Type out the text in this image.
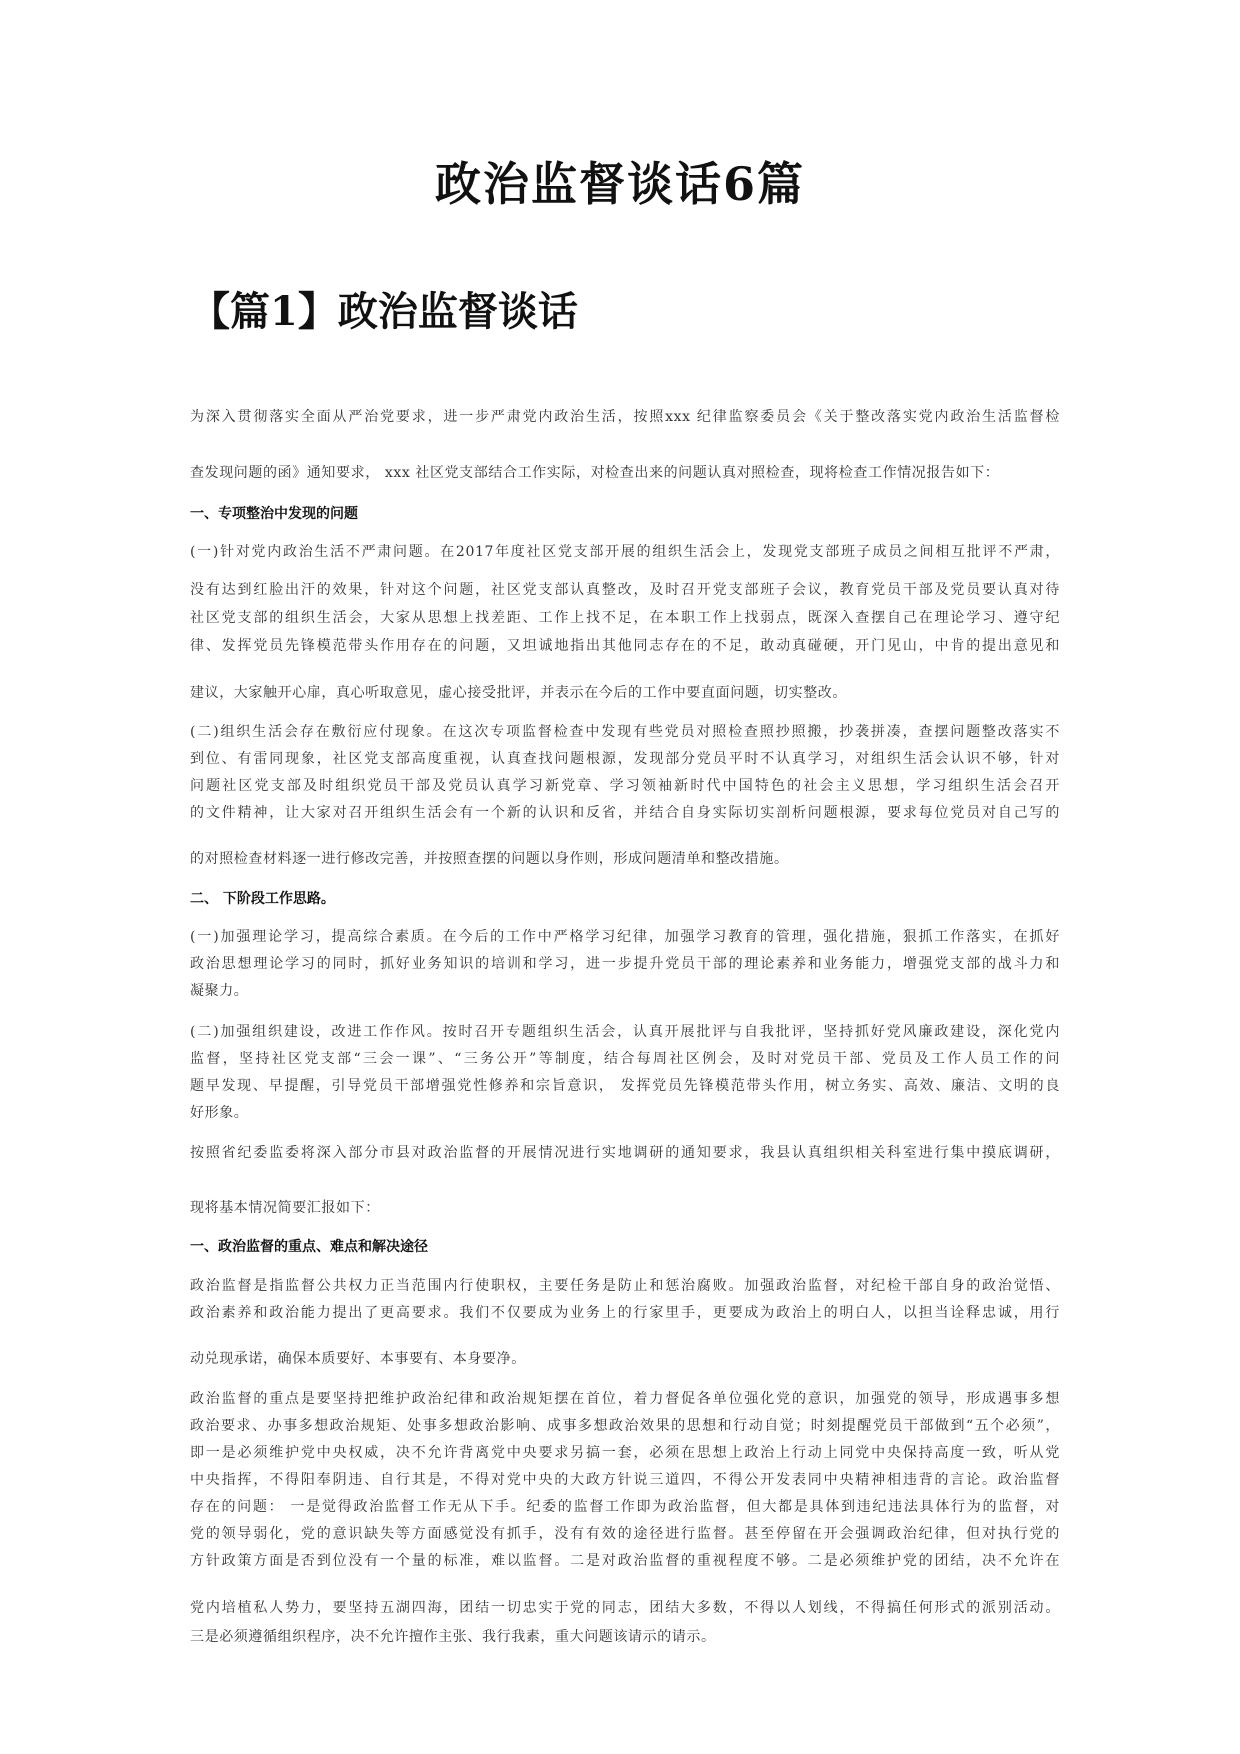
政治监督谈话6篇
【篇1】政治监督谈话

为深入贯彻落实全面从严治党要求，进一步严肃党内政治生活，按照xxx 纪律监察委员会《关于整改落实党内政治生活监督检

查发现问题的函》通知要求， xxx 社区党支部结合工作实际，对检查出来的问题认真对照检查，现将检查工作情况报告如下：

一、专项整治中发现的问题

(一)针对党内政治生活不严肃问题。在2017年度社区党支部开展的组织生活会上，发现党支部班子成员之间相互批评不严肃，

没有达到红脸出汗的效果，针对这个问题，社区党支部认真整改，及时召开党支部班子会议，教育党员干部及党员要认真对待

社区党支部的组织生活会，大家从思想上找差距、工作上找不足，在本职工作上找弱点，既深入查摆自己在理论学习、遵守纪

律、发挥党员先锋模范带头作用存在的问题，又坦诚地指出其他同志存在的不足，敢动真碰硬，开门见山，中肯的提出意见和

建议，大家触开心扉，真心听取意见，虚心接受批评，并表示在今后的工作中要直面问题，切实整改。

(二)组织生活会存在敷衍应付现象。在这次专项监督检查中发现有些党员对照检查照抄照搬，抄袭拼凑，查摆问题整改落实不

到位、有雷同现象，社区党支部高度重视，认真查找问题根源，发现部分党员平时不认真学习，对组织生活会认识不够，针对

问题社区党支部及时组织党员干部及党员认真学习新党章、学习领袖新时代中国特色的社会主义思想，学习组织生活会召开

的文件精神，让大家对召开组织生活会有一个新的认识和反省，并结合自身实际切实剖析问题根源，要求每位党员对自己写的

的对照检查材料逐一进行修改完善，并按照查摆的问题以身作则，形成问题清单和整改措施。

二、 下阶段工作思路。

(一)加强理论学习，提高综合素质。在今后的工作中严格学习纪律，加强学习教育的管理，强化措施，狠抓工作落实，在抓好

政治思想理论学习的同时，抓好业务知识的培训和学习，进一步提升党员干部的理论素养和业务能力，增强党支部的战斗力和

凝聚力。

(二)加强组织建设，改进工作作风。按时召开专题组织生活会，认真开展批评与自我批评，坚持抓好党风廉政建设，深化党内

监督，坚持社区党支部“三会一课”、“三务公开”等制度，结合每周社区例会，及时对党员干部、党员及工作人员工作的问

题早发现、早提醒，引导党员干部增强党性修养和宗旨意识， 发挥党员先锋模范带头作用，树立务实、高效、廉洁、文明的良

好形象。

按照省纪委监委将深入部分市县对政治监督的开展情况进行实地调研的通知要求，我县认真组织相关科室进行集中摸底调研，

现将基本情况简要汇报如下：

一、政治监督的重点、难点和解决途径

政治监督是指监督公共权力正当范围内行使职权，主要任务是防止和惩治腐败。加强政治监督，对纪检干部自身的政治觉悟、

政治素养和政治能力提出了更高要求。我们不仅要成为业务上的行家里手，更要成为政治上的明白人，以担当诠释忠诚，用行

动兑现承诺，确保本质要好、本事要有、本身要净。

政治监督的重点是要坚持把维护政治纪律和政治规矩摆在首位，着力督促各单位强化党的意识，加强党的领导，形成遇事多想

政治要求、办事多想政治规矩、处事多想政治影响、成事多想政治效果的思想和行动自觉；时刻提醒党员干部做到“五个必须”，

即一是必须维护党中央权威，决不允许背离党中央要求另搞一套，必须在思想上政治上行动上同党中央保持高度一致，听从党

中央指挥，不得阳奉阴违、自行其是，不得对党中央的大政方针说三道四，不得公开发表同中央精神相违背的言论。政治监督

存在的问题： 一是觉得政治监督工作无从下手。纪委的监督工作即为政治监督，但大都是具体到违纪违法具体行为的监督，对

党的领导弱化，党的意识缺失等方面感觉没有抓手，没有有效的途径进行监督。甚至停留在开会强调政治纪律，但对执行党的

方针政策方面是否到位没有一个量的标准，难以监督。二是对政治监督的重视程度不够。二是必须维护党的团结，决不允许在

党内培植私人势力，要坚持五湖四海，团结一切忠实于党的同志，团结大多数，不得以人划线，不得搞任何形式的派别活动。

三是必须遵循组织程序，决不允许擅作主张、我行我素，重大问题该请示的请示。
